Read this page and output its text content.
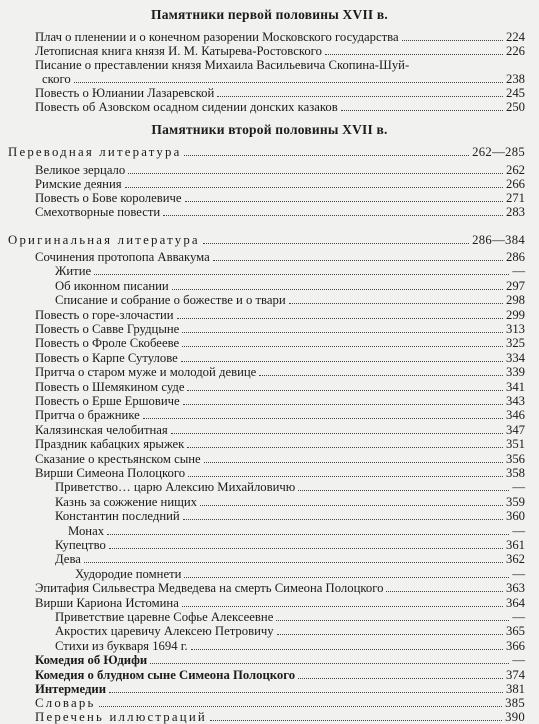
Памятники первой половины XVII в.
Плач о пленении и о конечном разорении Московского государства	224
Летописная книга князя И. М. Катырева-Ростовского	226
Писание о преставлении князя Михаила Васильевича Скопина-Шуй-
ского	238
Повесть о Юлиании Лазаревской	245
Повесть об Азовском осадном сидении донских казаков	250
Памятники второй половины XVII в.
Переводная литература	262—285
Оригинальная литература	286—384
Великое зерцало	262
Римские деяния	266
Повесть о Бове королевиче	271
Смехотворные повести	283
Сочинения протопопа Аввакума	286
Житие	—
Об иконном писании	297
Списание и собрание о божестве и о твари	298
Повесть о горе-злочастии	299
Повесть о Савве Грудцыне	313
Повесть о Фроле Скобееве	325
Повесть о Карпе Сутулове	334
Притча о старом муже и молодой девице	339
Повесть о Шемякином суде	341
Повесть о Ерше Ершовиче	343
Притча о бражнике	346
Калязинская челобитная	347
Праздник кабацких ярыжек	351
Сказание о крестьянском сыне	356
Вирши Симеона Полоцкого	358
Приветство… царю Алексию Михайловичю	—
Казнь за сожжение нищих	359
Константин последний	360
Монах	—
Купецтво	361
Дева	362
Худородие помнети	—
Эпитафия Сильвестра Медведева на смерть Симеона Полоцкого	363
Вирши Кариона Истомина	364
Приветствие царевне Софье Алексеевне	—
Акростих царевичу Алексею Петровичу	365
Стихи из букваря 1694 г.	366
Комедия об Юдифи	—
Комедия о блудном сыне Симеона Полоцкого	374
Интермедии	381
Словарь	385
Перечень иллюстраций	390
